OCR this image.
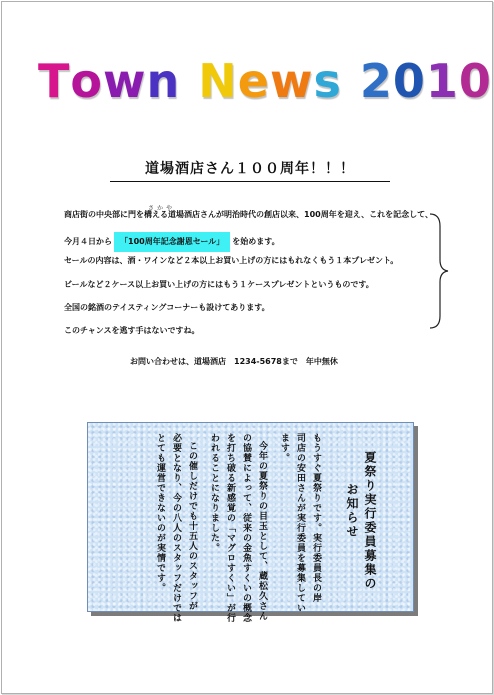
Town News 2010
道場酒店さん１００周年！！！
さかや
商店街の中央部に門を構える道場酒店さんが明治時代の創店以来、100周年を迎え、これを記念して、
今月４日から 「100周年記念謝恩セール」 を始めます。
セールの内容は、酒・ワインなど２本以上お買い上げの方にはもれなくもう１本プレゼント。
ビールなど２ケース以上お買い上げの方にはもう１ケースプレゼントというものです。
全国の銘酒のテイスティングコーナーも設けてあります。
このチャンスを逃す手はないですね。
お問い合わせは、道場酒店　1234-5678まで　年中無休
夏祭り実行委員募集の
お知らせ
もうすぐ夏祭りです。実行委員長の岸
司店の安田さんが実行委員を募集してい
ます。
今年の夏祭りの目玉として、蔵松久さん
の協賛によって、従来の金魚すくいの概念
を打ち破る新感覚の「マグロすくい」が行
われることになりました。
この催しだけでも十五人のスタッフが
必要となり、今の八人のスタッフだけでは
とても運営できないのが実情です。
